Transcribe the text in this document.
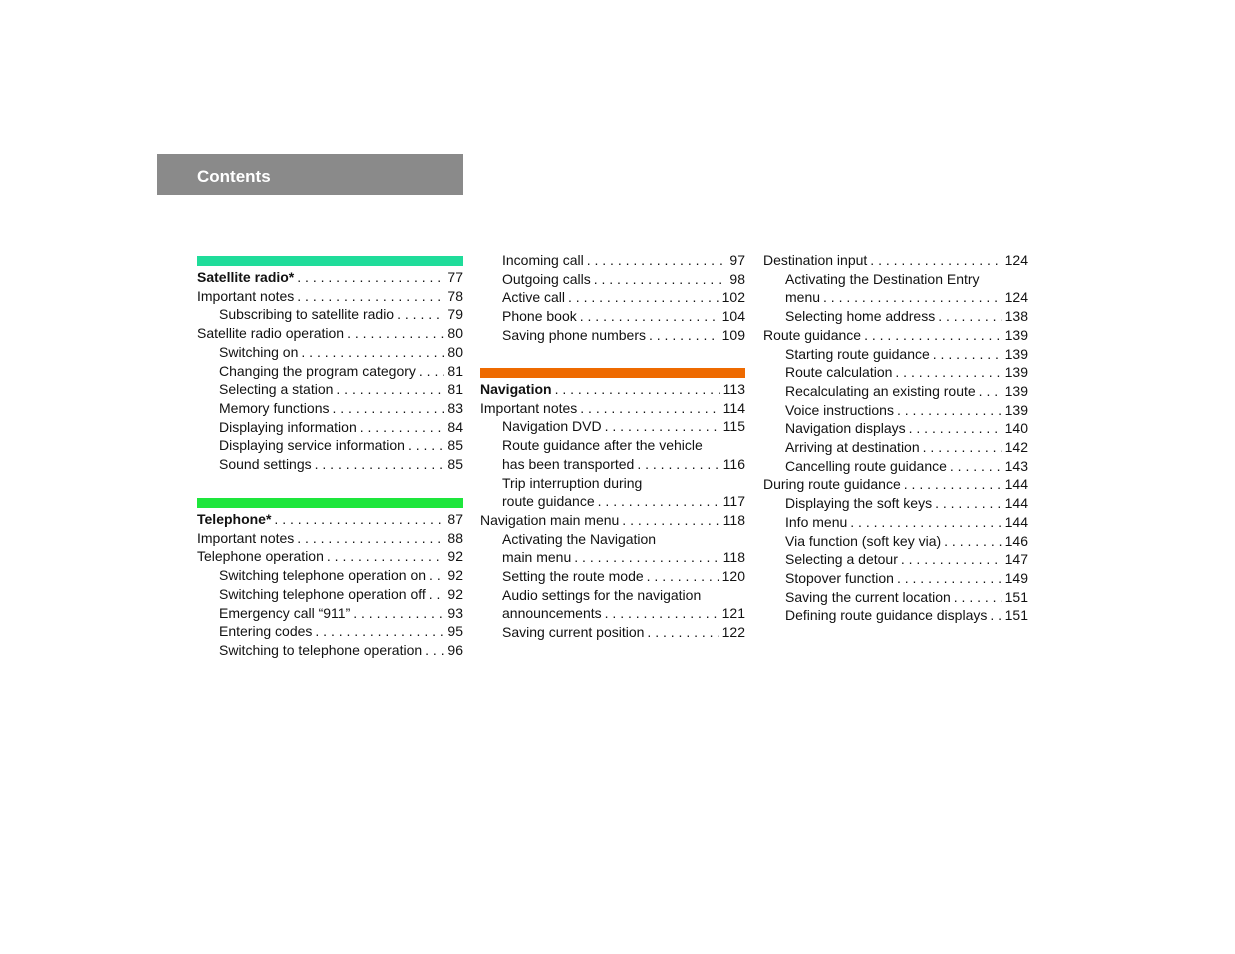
Contents
Satellite radio* . . .	77
Important notes . . .	78
Subscribing to satellite radio . . .	79
Satellite radio operation . . .	80
Switching on . . .	80
Changing the program category . . . 81
Selecting a station . . .	81
Memory functions . . .	83
Displaying information . . .	84
Displaying service information . . .	85
Sound settings . . .	85
Telephone* . . .	87
Important notes . . .	88
Telephone operation . . .	92
Switching telephone operation on . . . 92
Switching telephone operation off . . . 92
Emergency call “911” . . .	93
Entering codes . . .	95
Switching to telephone operation . . . 96
Incoming call . . .	97
Outgoing calls . . .	98
Active call . . .	102
Phone book . . .	104
Saving phone numbers . . .	109
Navigation . . .	113
Important notes . . .	114
Navigation DVD . . .	115
Route guidance after the vehicle
has been transported . . .	116
Trip interruption during
route guidance . . .	117
Navigation main menu . . .	118
Activating the Navigation
main menu . . .	118
Setting the route mode . . .	120
Audio settings for the navigation
announcements . . .	121
Saving current position . . .	122
Destination input . . .	124
Activating the Destination Entry
menu . . .	124
Selecting home address . . .	138
Route guidance . . .	139
Starting route guidance . . .	139
Route calculation . . .	139
Recalculating an existing route . . . 139
Voice instructions . . .	139
Navigation displays . . .	140
Arriving at destination . . .	142
Cancelling route guidance . . .	143
During route guidance . . .	144
Displaying the soft keys . . .	144
Info menu . . .	144
Via function (soft key via) . . .	146
Selecting a detour . . .	147
Stopover function . . .	149
Saving the current location . . .	151
Defining route guidance displays . . . 151
